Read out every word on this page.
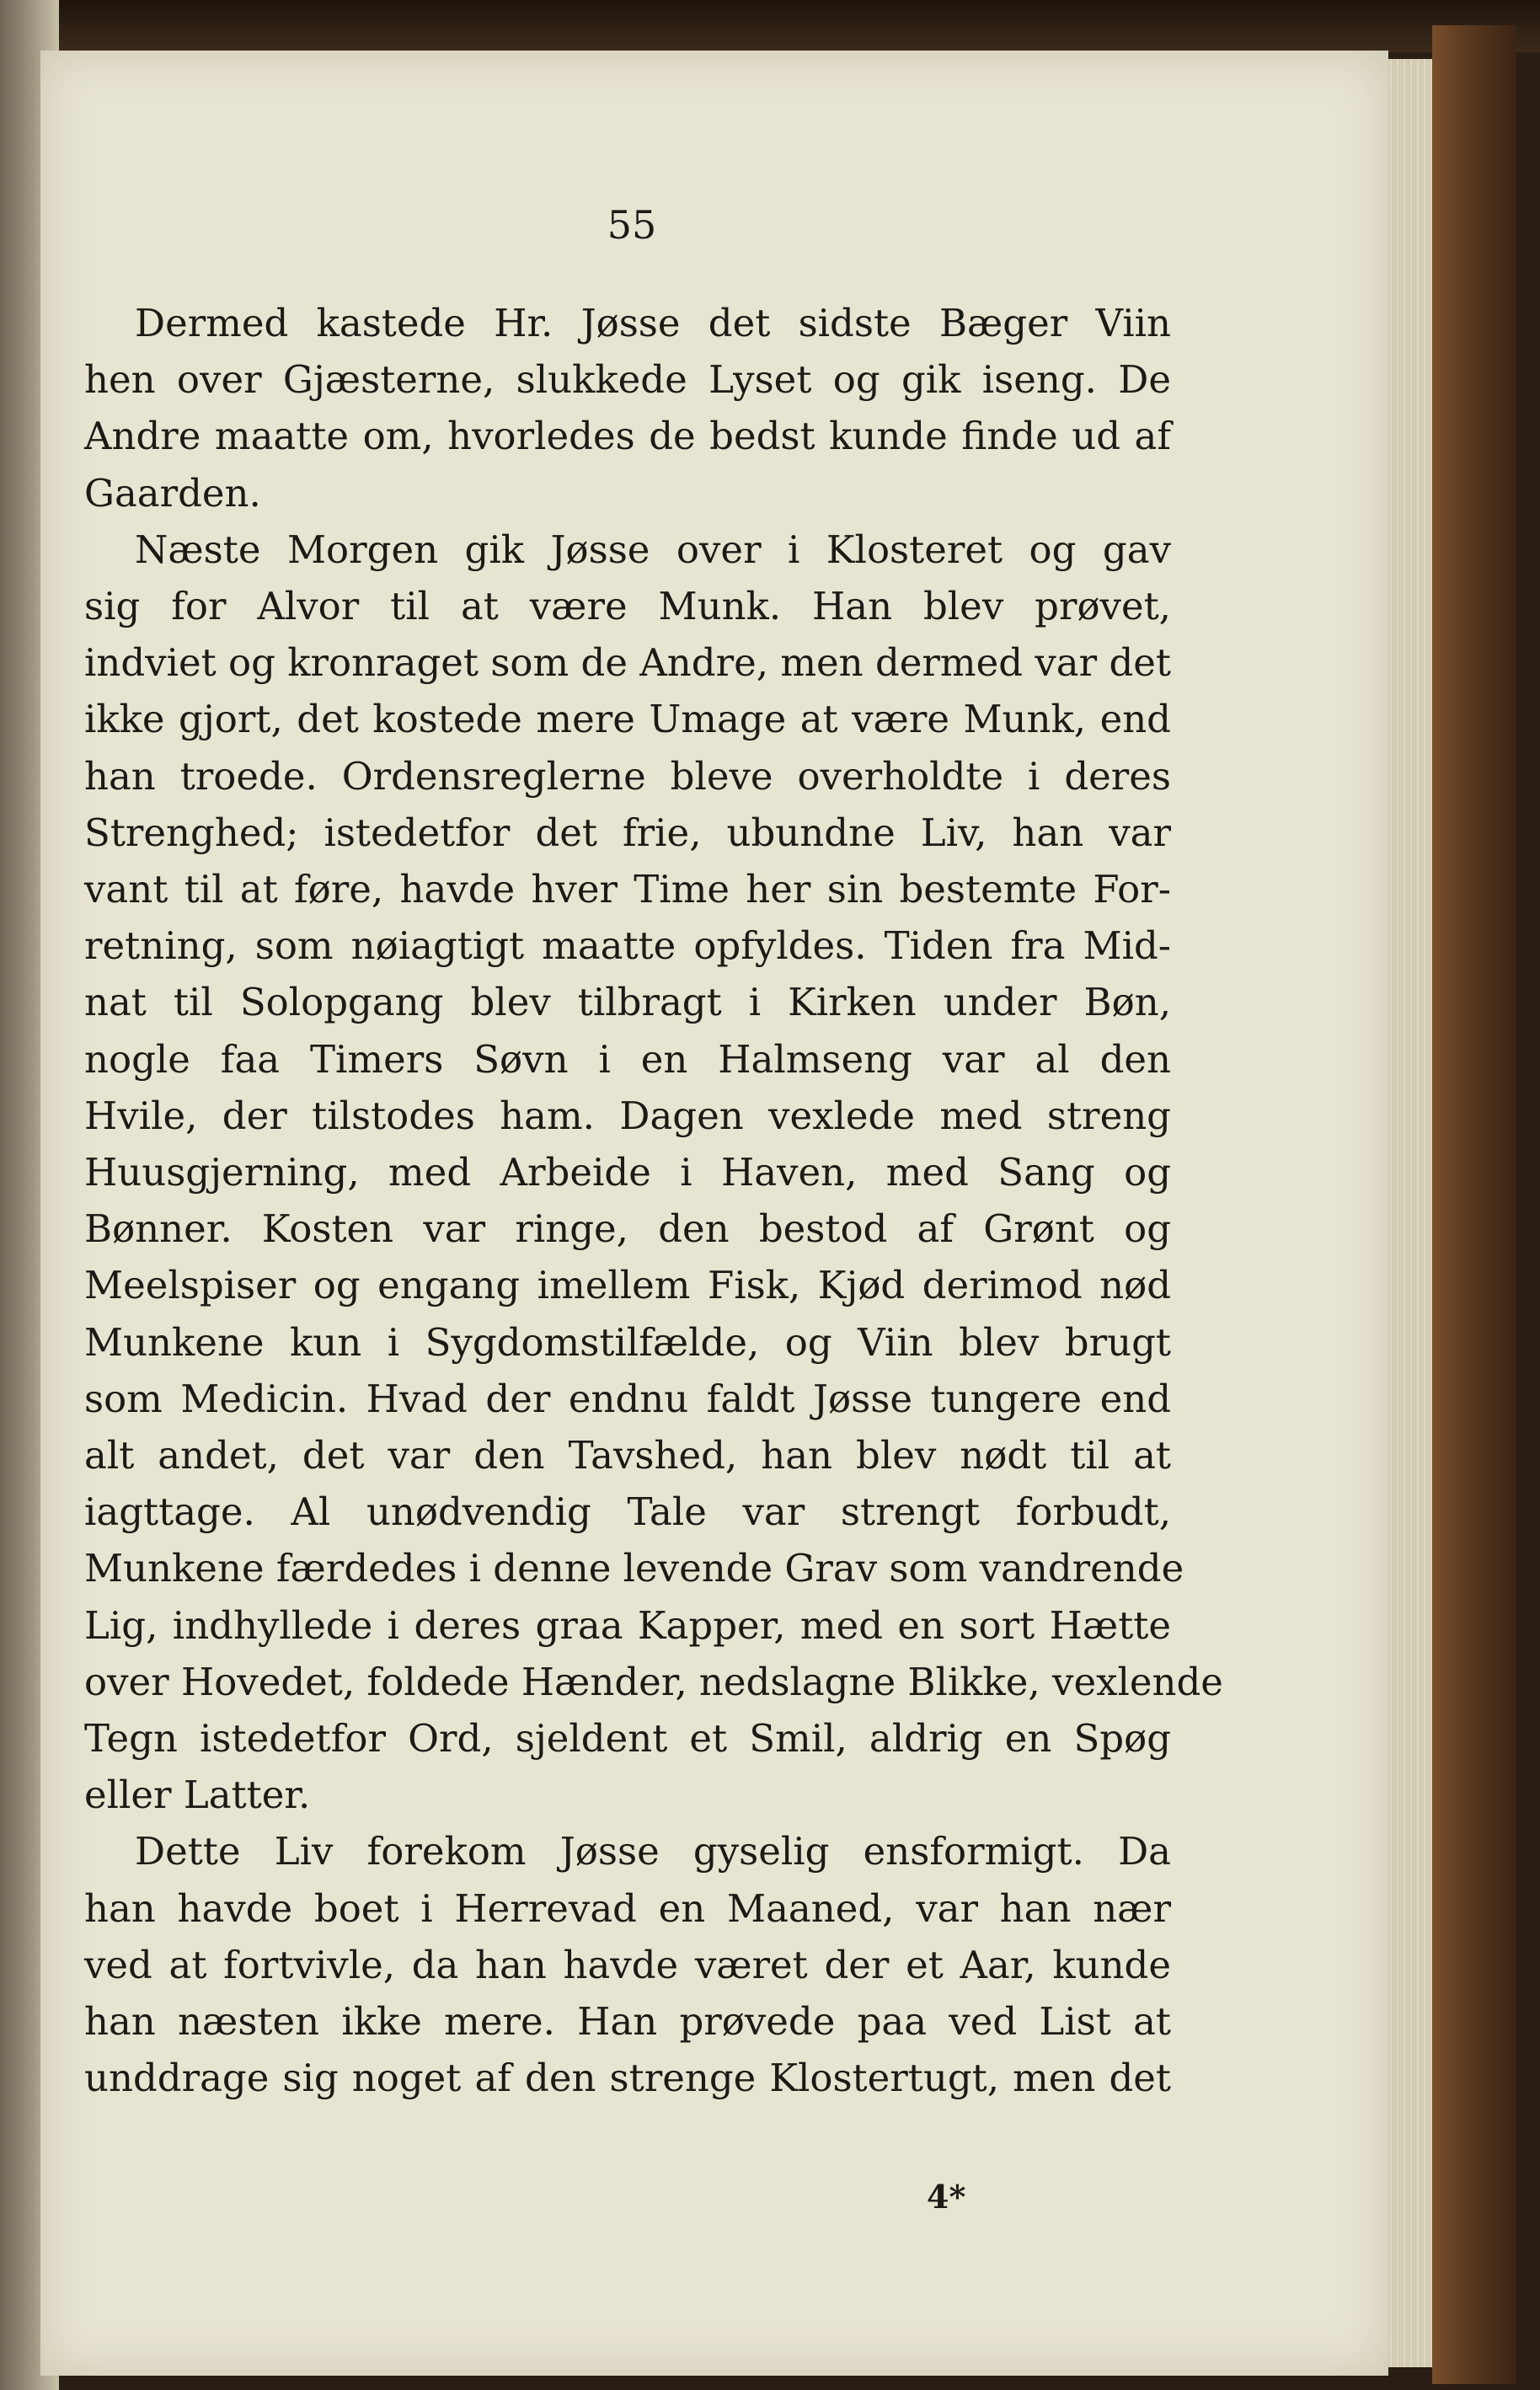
55

Dermed kastede Hr. Jøsse det sidste Bæger Viin
hen over Gjæsterne, slukkede Lyset og gik iseng. De
Andre maatte om, hvorledes de bedst kunde finde ud af
Gaarden.

Næste Morgen gik Jøsse over i Klosteret og gav
sig for Alvor til at være Munk. Han blev prøvet,
indviet og kronraget som de Andre, men dermed var det
ikke gjort, det kostede mere Umage at være Munk, end
han troede. Ordensreglerne bleve overholdte i deres
Strenghed; istedetfor det frie, ubundne Liv, han var
vant til at føre, havde hver Time her sin bestemte For-
retning, som nøiagtigt maatte opfyldes. Tiden fra Mid-
nat til Solopgang blev tilbragt i Kirken under Bøn,
nogle faa Timers Søvn i en Halmseng var al den
Hvile, der tilstodes ham. Dagen vexlede med streng
Huusgjerning, med Arbeide i Haven, med Sang og
Bønner. Kosten var ringe, den bestod af Grønt og
Meelspiser og engang imellem Fisk, Kjød derimod nød
Munkene kun i Sygdomstilfælde, og Viin blev brugt
som Medicin. Hvad der endnu faldt Jøsse tungere end
alt andet, det var den Tavshed, han blev nødt til at
iagttage. Al unødvendig Tale var strengt forbudt,
Munkene færdedes i denne levende Grav som vandrende
Lig, indhyllede i deres graa Kapper, med en sort Hætte
over Hovedet, foldede Hænder, nedslagne Blikke, vexlende
Tegn istedetfor Ord, sjeldent et Smil, aldrig en Spøg
eller Latter.

Dette Liv forekom Jøsse gyselig ensformigt. Da
han havde boet i Herrevad en Maaned, var han nær
ved at fortvivle, da han havde været der et Aar, kunde
han næsten ikke mere. Han prøvede paa ved List at
unddrage sig noget af den strenge Klostertugt, men det

4*
